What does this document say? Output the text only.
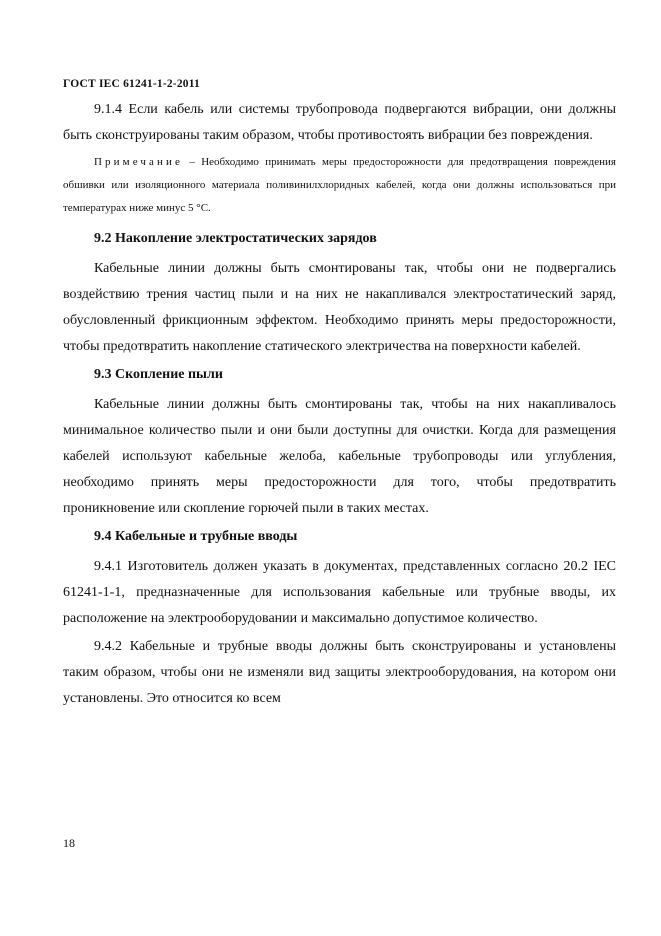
ГОСТ IEC 61241-1-2-2011

9.1.4 Если кабель или системы трубопровода подвергаются вибрации, они должны быть сконструированы таким образом, чтобы противостоять вибрации без повреждения.

Примечание – Необходимо принимать меры предосторожности для предотвращения повреждения обшивки или изоляционного материала поливинилхлоридных кабелей, когда они должны использоваться при температурах ниже минус 5 °С.

9.2 Накопление электростатических зарядов

Кабельные линии должны быть смонтированы так, чтобы они не подвергались воздействию трения частиц пыли и на них не накапливался электростатический заряд, обусловленный фрикционным эффектом. Необходимо принять меры предосторожности, чтобы предотвратить накопление статического электричества на поверхности кабелей.

9.3 Скопление пыли

Кабельные линии должны быть смонтированы так, чтобы на них накапливалось минимальное количество пыли и они были доступны для очистки. Когда для размещения кабелей используют кабельные желоба, кабельные трубопроводы или углубления, необходимо принять меры предосторожности для того, чтобы предотвратить проникновение или скопление горючей пыли в таких местах.

9.4 Кабельные и трубные вводы

9.4.1 Изготовитель должен указать в документах, представленных согласно 20.2 IEC 61241-1-1, предназначенные для использования кабельные или трубные вводы, их расположение на электрооборудовании и максимально допустимое количество.

9.4.2 Кабельные и трубные вводы должны быть сконструированы и установлены таким образом, чтобы они не изменяли вид защиты электрооборудования, на котором они установлены. Это относится ко всем

18
